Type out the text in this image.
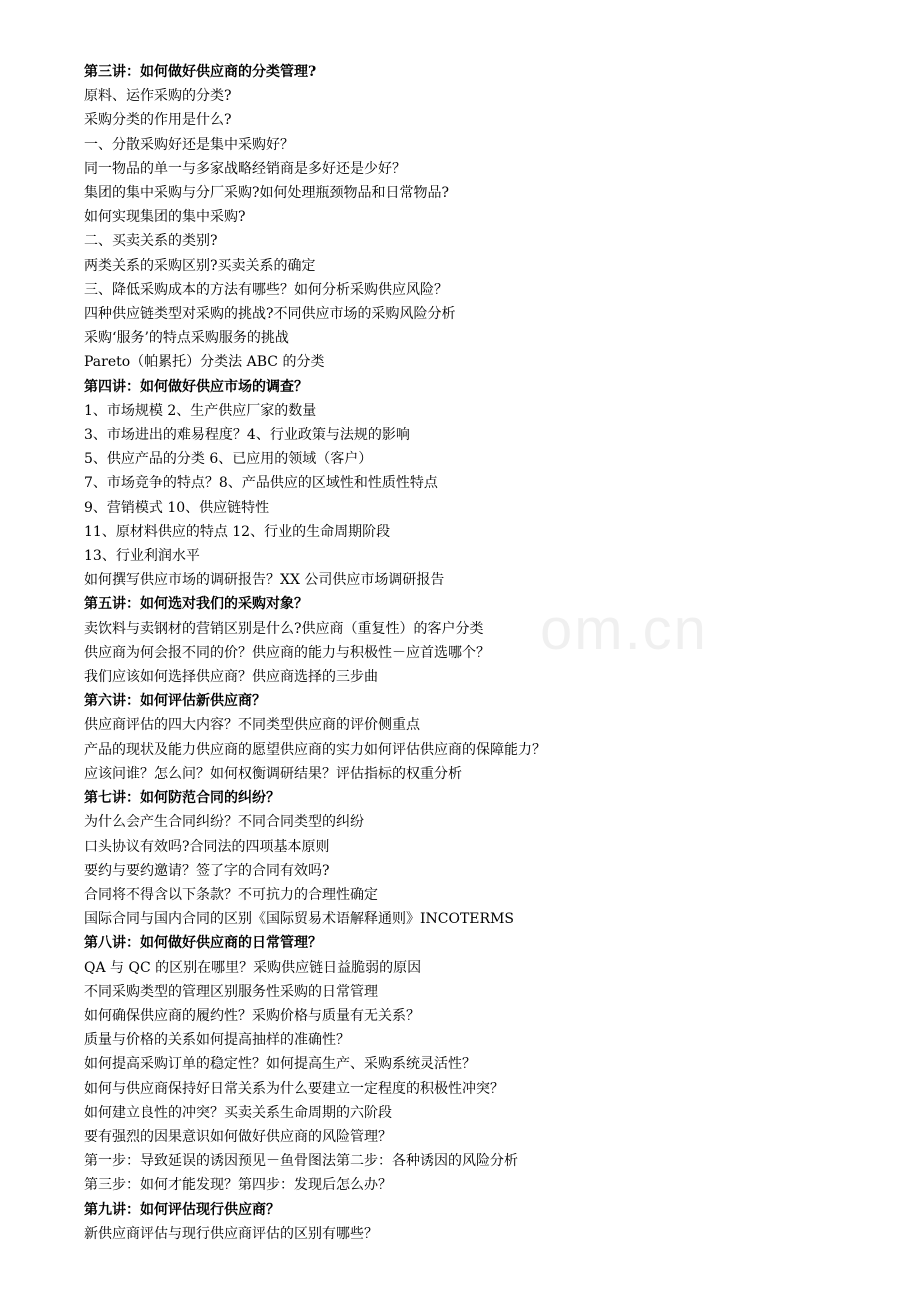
第三讲：如何做好供应商的分类管理?
原料、运作采购的分类?
采购分类的作用是什么?
一、分散采购好还是集中采购好？
同一物品的单一与多家战略经销商是多好还是少好？
集团的集中采购与分厂采购?如何处理瓶颈物品和日常物品?
如何实现集团的集中采购?
二、买卖关系的类别?
两类关系的采购区别?买卖关系的确定
三、降低采购成本的方法有哪些？如何分析采购供应风险？
四种供应链类型对采购的挑战?不同供应市场的采购风险分析
采购‘服务’的特点采购服务的挑战
Pareto（帕累托）分类法 ABC 的分类
第四讲：如何做好供应市场的调查？
1、市场规模 2、生产供应厂家的数量
3、市场进出的难易程度？4、行业政策与法规的影响
5、供应产品的分类 6、已应用的领域（客户）
7、市场竞争的特点？8、产品供应的区域性和性质性特点
9、营销模式 10、供应链特性
11、原材料供应的特点 12、行业的生命周期阶段
13、行业利润水平
如何撰写供应市场的调研报告？XX 公司供应市场调研报告
第五讲：如何选对我们的采购对象？
卖饮料与卖钢材的营销区别是什么?供应商（重复性）的客户分类
供应商为何会报不同的价？供应商的能力与积极性－应首选哪个？
我们应该如何选择供应商？供应商选择的三步曲
第六讲：如何评估新供应商？
供应商评估的四大内容？不同类型供应商的评价侧重点
产品的现状及能力供应商的愿望供应商的实力如何评估供应商的保障能力？
应该问谁？怎么问？如何权衡调研结果？评估指标的权重分析
第七讲：如何防范合同的纠纷？
为什么会产生合同纠纷？不同合同类型的纠纷
口头协议有效吗?合同法的四项基本原则
要约与要约邀请？签了字的合同有效吗?
合同将不得含以下条款？不可抗力的合理性确定
国际合同与国内合同的区别《国际贸易术语解释通则》INCOTERMS
第八讲：如何做好供应商的日常管理？
QA 与 QC 的区别在哪里？采购供应链日益脆弱的原因
不同采购类型的管理区别服务性采购的日常管理
如何确保供应商的履约性？采购价格与质量有无关系？
质量与价格的关系如何提高抽样的准确性？
如何提高采购订单的稳定性？如何提高生产、采购系统灵活性？
如何与供应商保持好日常关系为什么要建立一定程度的积极性冲突？
如何建立良性的冲突？买卖关系生命周期的六阶段
要有强烈的因果意识如何做好供应商的风险管理？
第一步：导致延误的诱因预见－鱼骨图法第二步：各种诱因的风险分析
第三步：如何才能发现？第四步：发现后怎么办？
第九讲：如何评估现行供应商？
新供应商评估与现行供应商评估的区别有哪些？
om.cn
